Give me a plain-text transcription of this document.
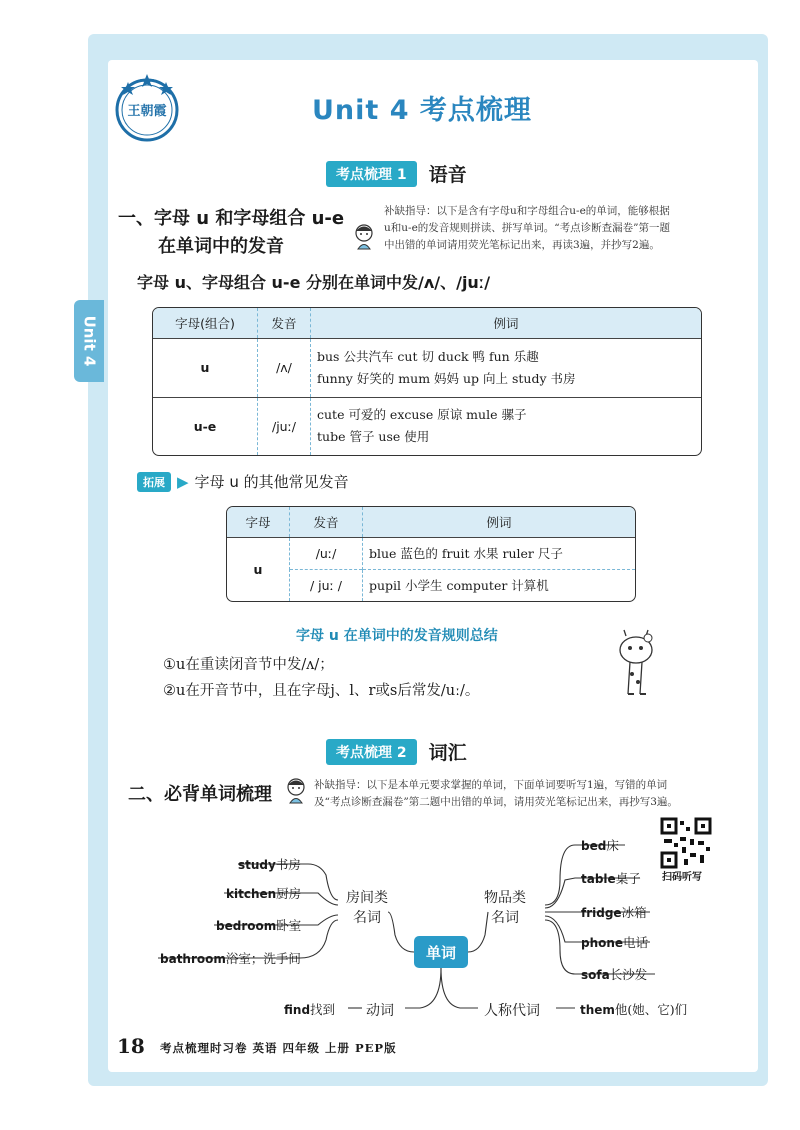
Unit 4
王朝霞	Unit 4 考点梳理
考点梳理 1	语音
一、字母 u 和字母组合 u-e
在单词中的发音
补缺指导：以下是含有字母u和字母组合u-e的单词，能够根据
u和u-e的发音规则拼读、拼写单词。“考点诊断查漏卷”第一题
中出错的单词请用荧光笔标记出来，再读3遍，并抄写2遍。
字母 u、字母组合 u-e 分别在单词中发/ʌ/、/juː/
字母(组合)	发音	例词
u	/ʌ/	bus 公共汽车 cut 切 duck 鸭 fun 乐趣
funny 好笑的 mum 妈妈 up 向上 study 书房

u-e	/juː/	cute 可爱的 excuse 原谅 mule 骡子
tube 管子 use 使用
拓展 ▶ 字母 u 的其他常见发音
字母	发音	例词
u	/uː/	blue 蓝色的 fruit 水果 ruler 尺子
	/ juː /	pupil 小学生 computer 计算机
字母 u 在单词中的发音规则总结
①u在重读闭音节中发/ʌ/；
②u在开音节中，且在字母j、l、r或s后常发/uː/。
考点梳理 2	词汇
二、必背单词梳理	补缺指导：以下是本单元要求掌握的单词，下面单词要听写1遍，写错的单词
及“考点诊断查漏卷”第二题中出错的单词，请用荧光笔标记出来，再抄写3遍。
扫码听写
单词
房间类
名词
物品类
名词
动词	人称代词
study书房
kitchen厨房
bedroom卧室
bathroom浴室；洗手间
bed床
table桌子
fridge冰箱
phone电话
sofa长沙发
find找到	them他(她、它)们
18 考点梳理时习卷 英语 四年级 上册 PEP版
